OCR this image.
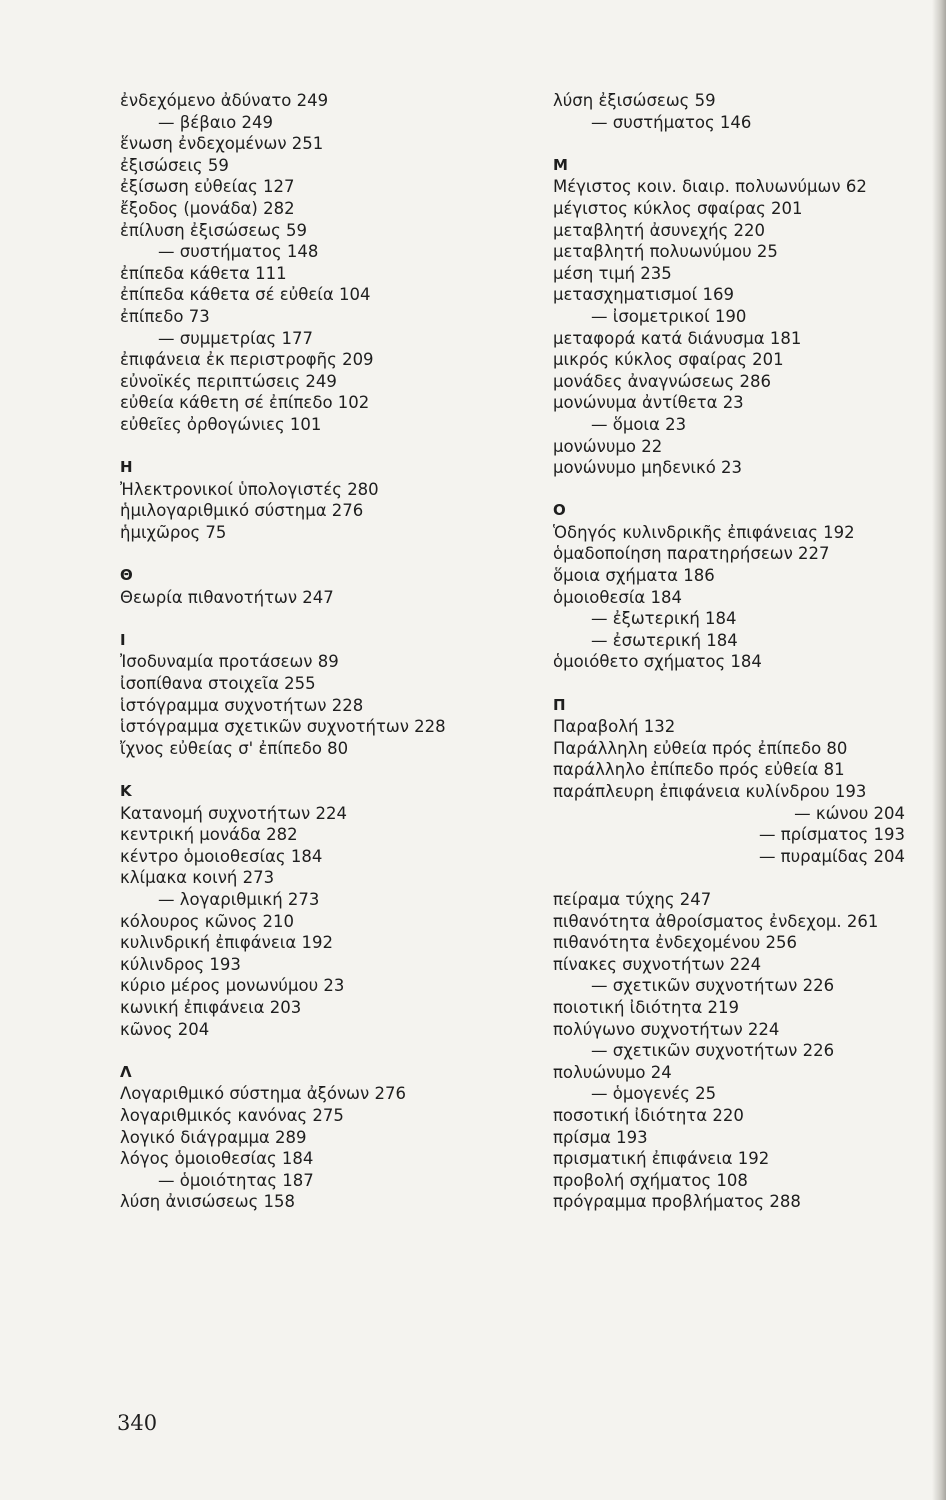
ἐνδεχόμενο ἀδύνατο 249
— βέβαιο 249
ἕνωση ἐνδεχομένων 251
ἐξισώσεις 59
ἐξίσωση εὐθείας 127
ἔξοδος (μονάδα) 282
ἐπίλυση ἐξισώσεως 59
— συστήματος 148
ἐπίπεδα κάθετα 111
ἐπίπεδα κάθετα σέ εὐθεία 104
ἐπίπεδο 73
— συμμετρίας 177
ἐπιφάνεια ἐκ περιστροφῆς 209
εὐνοϊκές περιπτώσεις 249
εὐθεία κάθετη σέ ἐπίπεδο 102
εὐθεῖες ὀρθογώνιες 101
Η
Ἠλεκτρονικοί ὑπολογιστές 280
ἡμιλογαριθμικό σύστημα 276
ἡμιχῶρος 75
Θ
Θεωρία πιθανοτήτων 247
Ι
Ἰσοδυναμία προτάσεων 89
ἰσοπίθανα στοιχεῖα 255
ἱστόγραμμα συχνοτήτων 228
ἱστόγραμμα σχετικῶν συχνοτήτων 228
ἴχνος εὐθείας σ' ἐπίπεδο 80
Κ
Κατανομή συχνοτήτων 224
κεντρική μονάδα 282
κέντρο ὁμοιοθεσίας 184
κλίμακα κοινή 273
— λογαριθμική 273
κόλουρος κῶνος 210
κυλινδρική ἐπιφάνεια 192
κύλινδρος 193
κύριο μέρος μονωνύμου 23
κωνική ἐπιφάνεια 203
κῶνος 204
Λ
Λογαριθμικό σύστημα ἀξόνων 276
λογαριθμικός κανόνας 275
λογικό διάγραμμα 289
λόγος ὁμοιοθεσίας 184
— ὁμοιότητας 187
λύση ἀνισώσεως 158
λύση ἐξισώσεως 59
— συστήματος 146
Μ
Μέγιστος κοιν. διαιρ. πολυωνύμων 62
μέγιστος κύκλος σφαίρας 201
μεταβλητή ἀσυνεχής 220
μεταβλητή πολυωνύμου 25
μέση τιμή 235
μετασχηματισμοί 169
— ἰσομετρικοί 190
μεταφορά κατά διάνυσμα 181
μικρός κύκλος σφαίρας 201
μονάδες ἀναγνώσεως 286
μονώνυμα ἀντίθετα 23
— ὅμοια 23
μονώνυμο 22
μονώνυμο μηδενικό 23
Ο
Ὁδηγός κυλινδρικῆς ἐπιφάνειας 192
ὁμαδοποίηση παρατηρήσεων 227
ὅμοια σχήματα 186
ὁμοιοθεσία 184
— ἐξωτερική 184
— ἐσωτερική 184
ὁμοιόθετο σχήματος 184
Π
Παραβολή 132
Παράλληλη εὐθεία πρός ἐπίπεδο 80
παράλληλο ἐπίπεδο πρός εὐθεία 81
παράπλευρη ἐπιφάνεια κυλίνδρου 193
— κώνου 204
— πρίσματος 193
— πυραμίδας 204
πείραμα τύχης 247
πιθανότητα ἀθροίσματος ἐνδεχομ. 261
πιθανότητα ἐνδεχομένου 256
πίνακες συχνοτήτων 224
— σχετικῶν συχνοτήτων 226
ποιοτική ἰδιότητα 219
πολύγωνο συχνοτήτων 224
— σχετικῶν συχνοτήτων 226
πολυώνυμο 24
— ὁμογενές 25
ποσοτική ἰδιότητα 220
πρίσμα 193
πρισματική ἐπιφάνεια 192
προβολή σχήματος 108
πρόγραμμα προβλήματος 288
340
